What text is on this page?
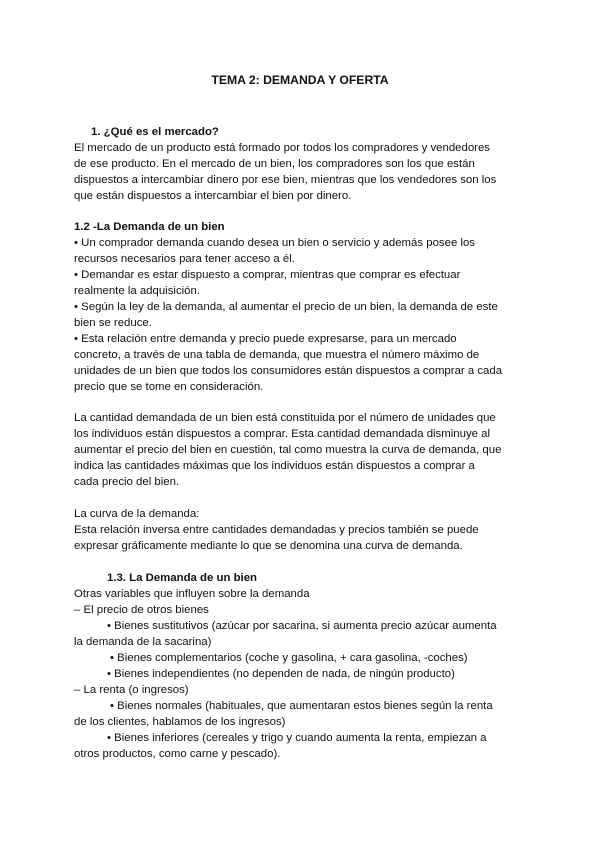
TEMA 2: DEMANDA Y OFERTA
1. ¿Qué es el mercado?
El mercado de un producto está formado por todos los compradores y vendedores
de ese producto. En el mercado de un bien, los compradores son los que están
dispuestos a intercambiar dinero por ese bien, mientras que los vendedores son los
que están dispuestos a intercambiar el bien por dinero.
1.2 -La Demanda de un bien
• Un comprador demanda cuando desea un bien o servicio y además posee los
recursos necesarios para tener acceso a él.
• Demandar es estar dispuesto a comprar, mientras que comprar es efectuar
realmente la adquisición.
• Según la ley de la demanda, al aumentar el precio de un bien, la demanda de este
bien se reduce.
• Esta relación entre demanda y precio puede expresarse, para un mercado
concreto, a través de una tabla de demanda, que muestra el número máximo de
unidades de un bien que todos los consumidores están dispuestos a comprar a cada
precio que se tome en consideración.
La cantidad demandada de un bien está constituida por el número de unidades que
los individuos están dispuestos a comprar. Esta cantidad demandada disminuye al
aumentar el precio del bien en cuestión, tal como muestra la curva de demanda, que
indica las cantidades máximas que los individuos están dispuestos a comprar a
cada precio del bien.
La curva de la demanda:
Esta relación inversa entre cantidades demandadas y precios también se puede
expresar gráficamente mediante lo que se denomina una curva de demanda.
1.3. La Demanda de un bien
Otras variables que influyen sobre la demanda
– El precio de otros bienes
• Bienes sustitutivos (azúcar por sacarina, si aumenta precio azúcar aumenta
la demanda de la sacarina)
• Bienes complementarios (coche y gasolina, + cara gasolina, -coches)
• Bienes independientes (no dependen de nada, de ningún producto)
– La renta (o ingresos)
• Bienes normales (habituales, que aumentaran estos bienes según la renta
de los clientes, hablamos de los ingresos)
• Bienes inferiores (cereales y trigo y cuando aumenta la renta, empiezan a
otros productos, como carne y pescado).
